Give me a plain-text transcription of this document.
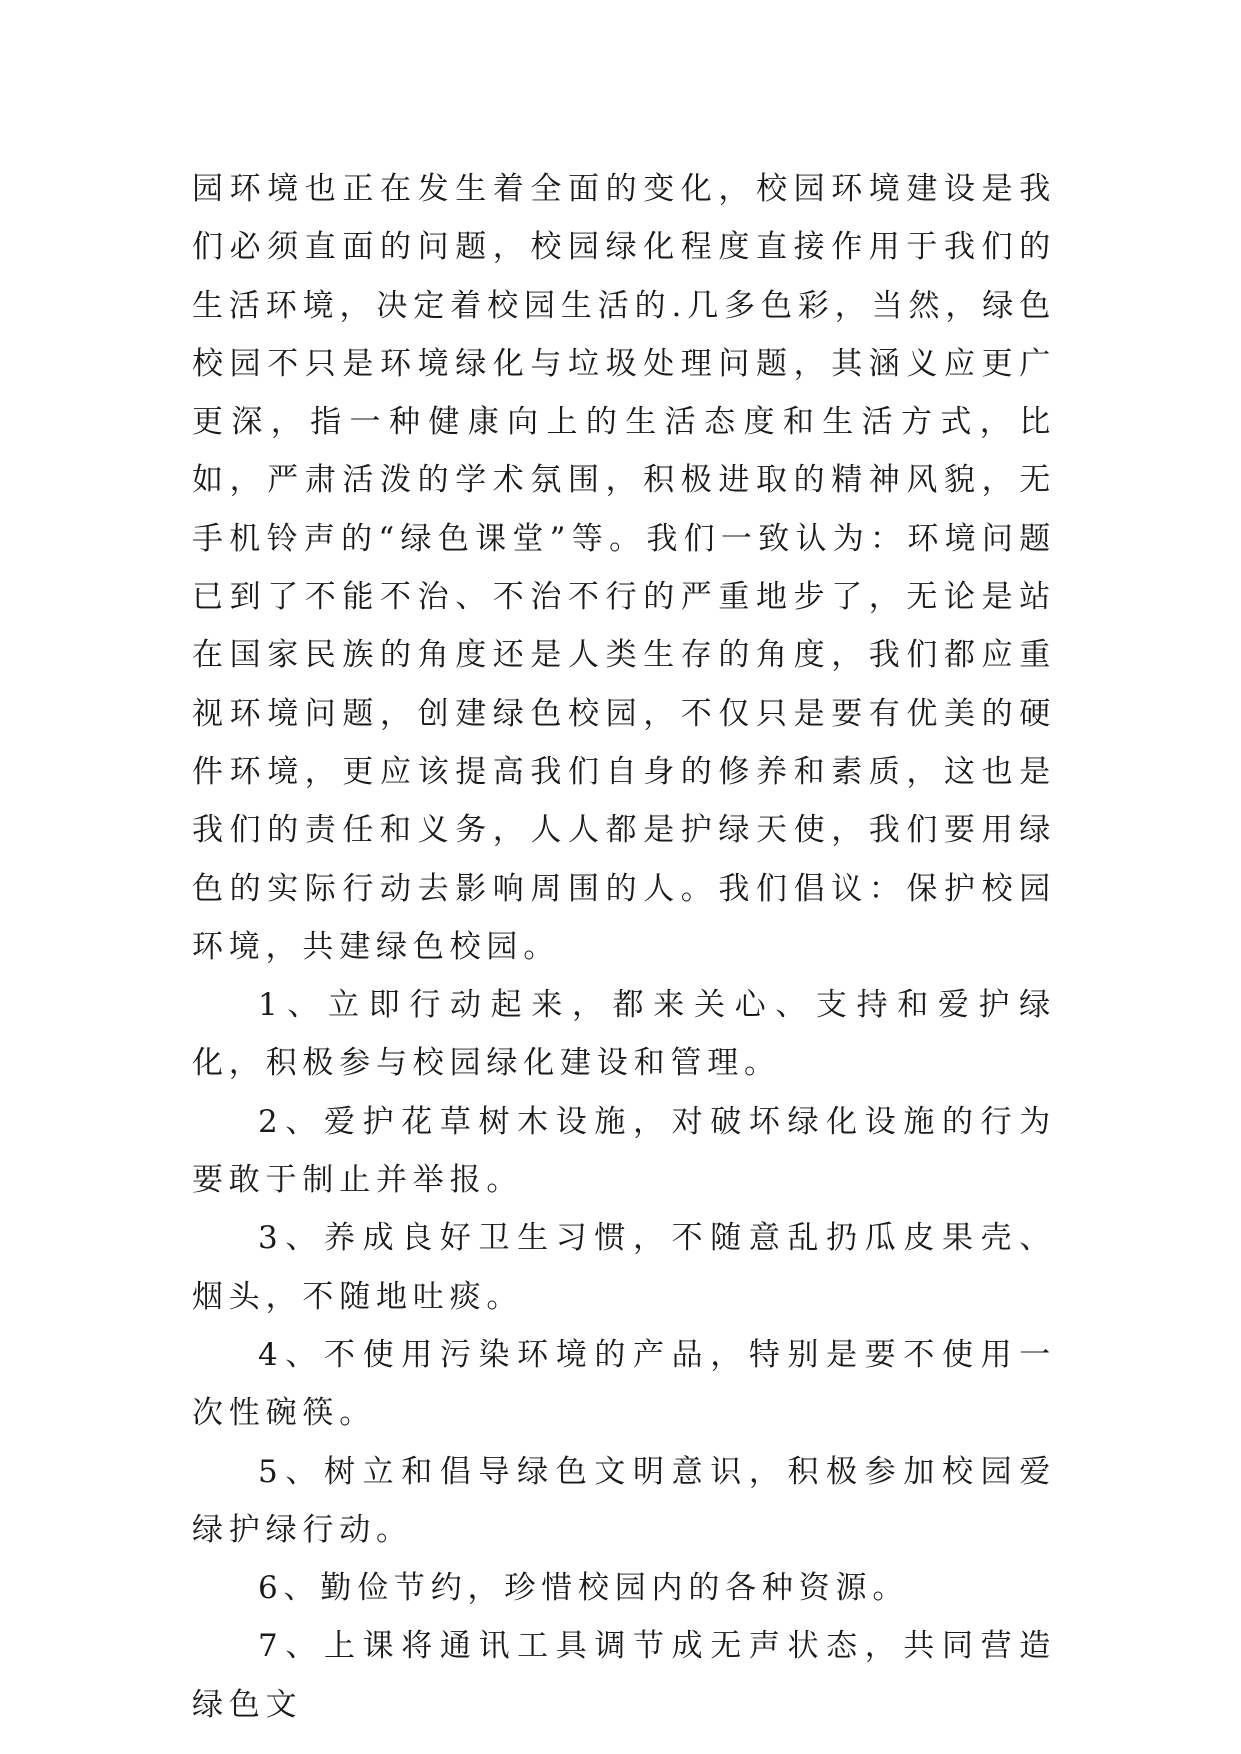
园环境也正在发生着全面的变化，校园环境建设是我们必须直面的问题，校园绿化程度直接作用于我们的生活环境，决定着校园生活的.几多色彩，当然，绿色校园不只是环境绿化与垃圾处理问题，其涵义应更广更深，指一种健康向上的生活态度和生活方式，比如，严肃活泼的学术氛围，积极进取的精神风貌，无手机铃声的“绿色课堂”等。我们一致认为：环境问题已到了不能不治、不治不行的严重地步了，无论是站在国家民族的角度还是人类生存的角度，我们都应重视环境问题，创建绿色校园，不仅只是要有优美的硬件环境，更应该提高我们自身的修养和素质，这也是我们的责任和义务，人人都是护绿天使，我们要用绿色的实际行动去影响周围的人。我们倡议：保护校园环境，共建绿色校园。

1、立即行动起来，都来关心、支持和爱护绿化，积极参与校园绿化建设和管理。

2、爱护花草树木设施，对破坏绿化设施的行为要敢于制止并举报。

3、养成良好卫生习惯，不随意乱扔瓜皮果壳、烟头，不随地吐痰。

4、不使用污染环境的产品，特别是要不使用一次性碗筷。

5、树立和倡导绿色文明意识，积极参加校园爱绿护绿行动。

6、勤俭节约，珍惜校园内的各种资源。

7、上课将通讯工具调节成无声状态，共同营造绿色文
